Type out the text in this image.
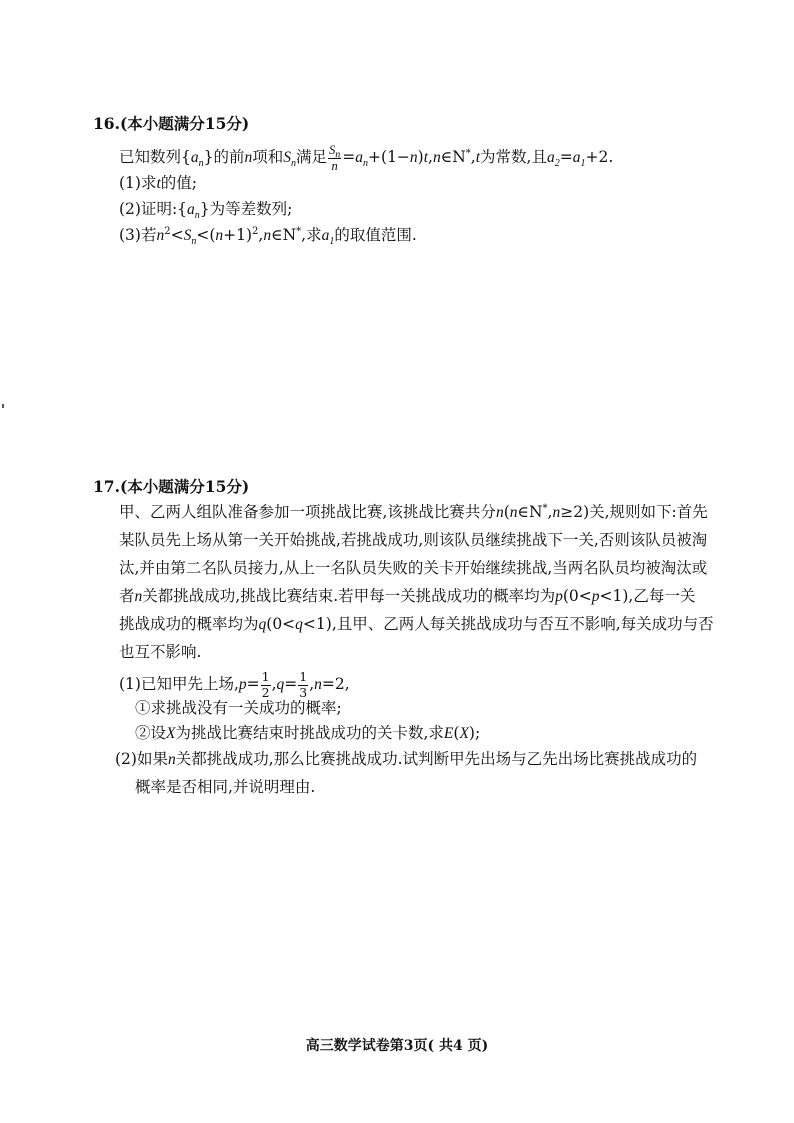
16.(本小题满分15分)
已知数列$\{a_n\}$的前n项和$S_n$满足 $\frac{S_n}{n}$ $=a_n+(1-n)t,n\in N^*,t$为常数,且$a_2=a_1+2$.
(1)求t的值;
(2)证明$:\{a_n\}$为等差数列;
(3)若$n^2<S_n<(n+1)^2,n\in N^*$,求$a_1$的取值范围.
17.(本小题满分15分)
甲、乙两人组队准备参加一项挑战比赛,该挑战比赛共分n(n∈N*,n≥2)关,规则如下:首先
某队员先上场从第一关开始挑战,若挑战成功,则该队员继续挑战下一关,否则该队员被淘
汰,并由第二名队员接力,从上一名队员失败的关卡开始继续挑战,当两名队员均被淘汰或
者n关都挑战成功,挑战比赛结束.若甲每一关挑战成功的概率均为p(0<p<1),乙每一关
挑战成功的概率均为q(0<q<1),且甲、乙两人每关挑战成功与否互不影响,每关成功与否
也互不影响.
(1)已知甲先上场$,p= \frac{1}{2} ,q= \frac{1}{3} ,n=2$,
①求挑战没有一关成功的概率;
②设X为挑战比赛结束时挑战成功的关卡数,求E(X);
(2)如果n关都挑战成功,那么比赛挑战成功.试判断甲先出场与乙先出场比赛挑战成功的
概率是否相同,并说明理由.
高三数学试卷第3页( 共4 页)
